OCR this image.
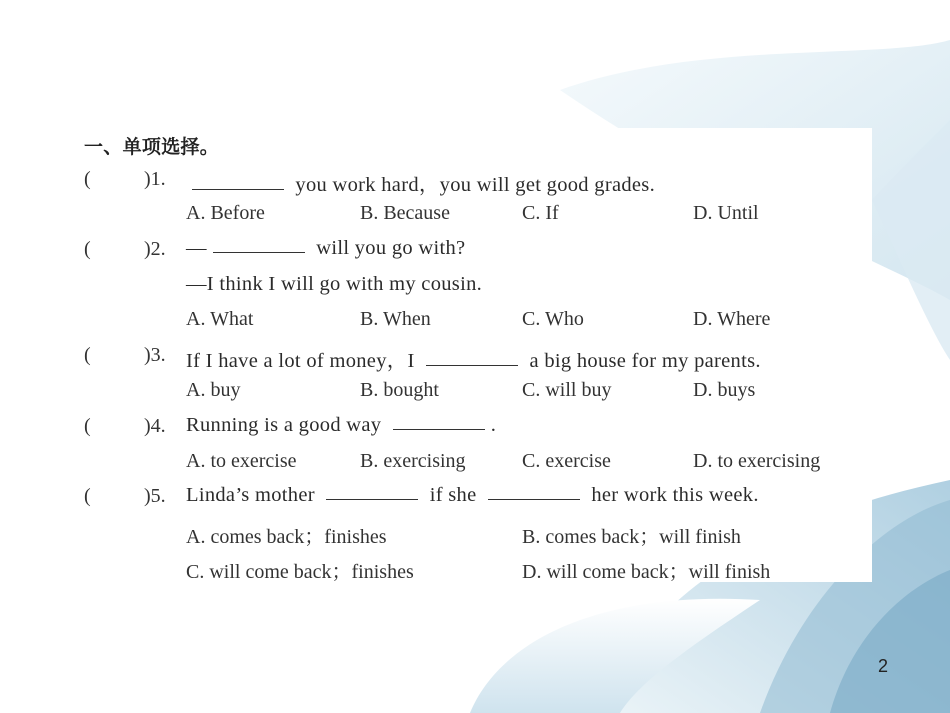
一、单项选择。
(	)1.	you work hard，you will get good grades.
A. Before	B. Because	C. If	D. Until
(	)2. —	will you go with?
—I think I will go with my cousin.
A. What	B. When	C. Who	D. Where
(	)3. If I have a lot of money，I	a big house for my parents.
A. buy	B. bought	C. will buy	D. buys
(	)4. Running is a good way	.
A. to exercise	B. exercising	C. exercise	D. to exercising
(	)5. Linda’s mother	if she	her work this week.
A. comes back；finishes	B. comes back；will finish
C. will come back；finishes	D. will come back；will finish
2
